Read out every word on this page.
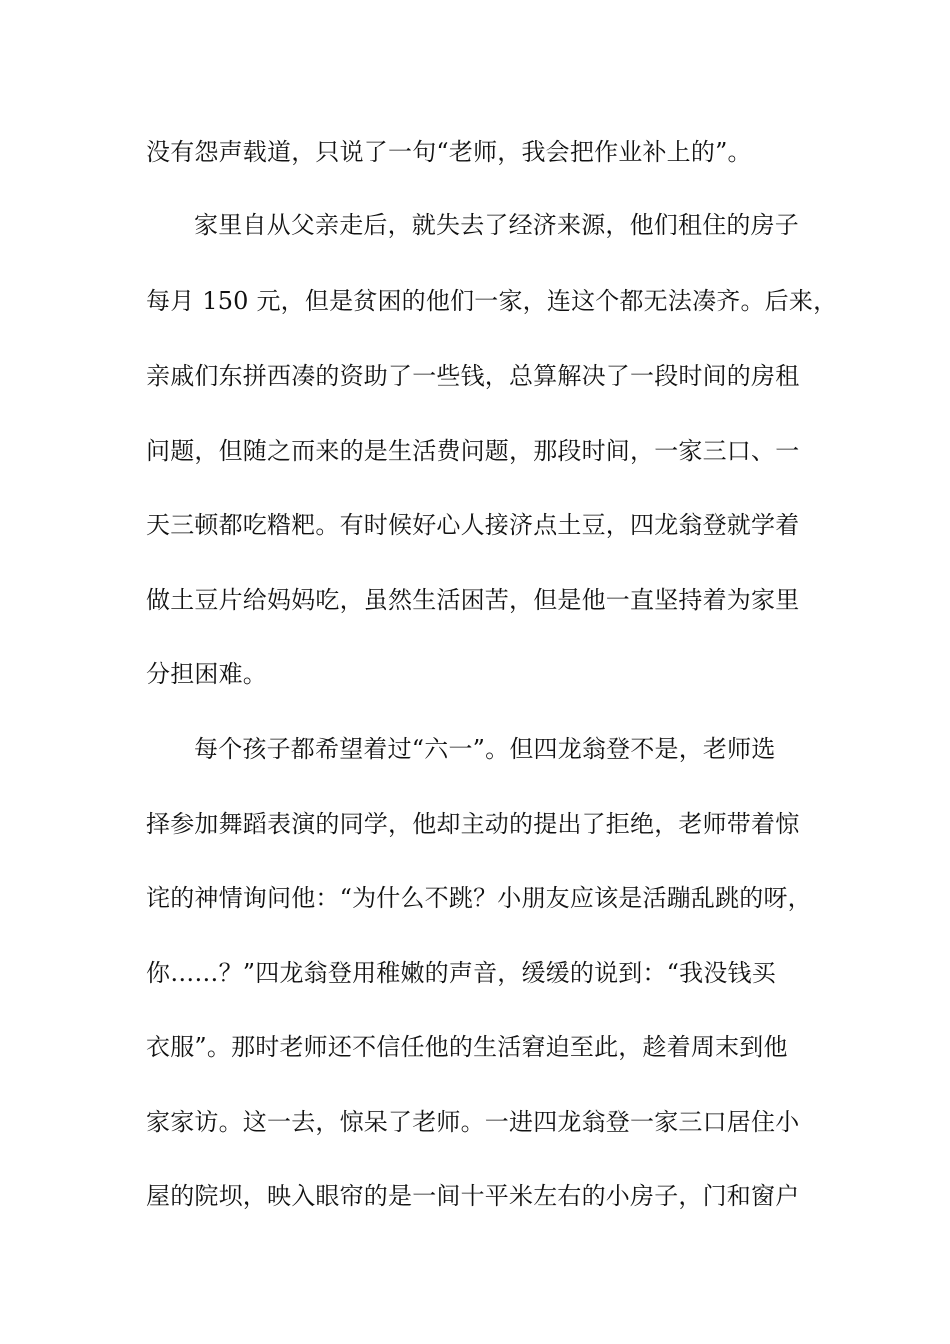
没有怨声载道，只说了一句“老师，我会把作业补上的”。
家里自从父亲走后，就失去了经济来源，他们租住的房子
每月 150 元，但是贫困的他们一家，连这个都无法凑齐。后来，
亲戚们东拼西凑的资助了一些钱，总算解决了一段时间的房租
问题，但随之而来的是生活费问题，那段时间，一家三口、一
天三顿都吃糌粑。有时候好心人接济点土豆，四龙翁登就学着
做土豆片给妈妈吃，虽然生活困苦，但是他一直坚持着为家里
分担困难。
每个孩子都希望着过“六一”。但四龙翁登不是，老师选
择参加舞蹈表演的同学，他却主动的提出了拒绝，老师带着惊
诧的神情询问他：“为什么不跳？小朋友应该是活蹦乱跳的呀，
你……？”四龙翁登用稚嫩的声音，缓缓的说到：“我没钱买
衣服”。那时老师还不信任他的生活窘迫至此，趁着周末到他
家家访。这一去，惊呆了老师。一进四龙翁登一家三口居住小
屋的院坝，映入眼帘的是一间十平米左右的小房子，门和窗户
